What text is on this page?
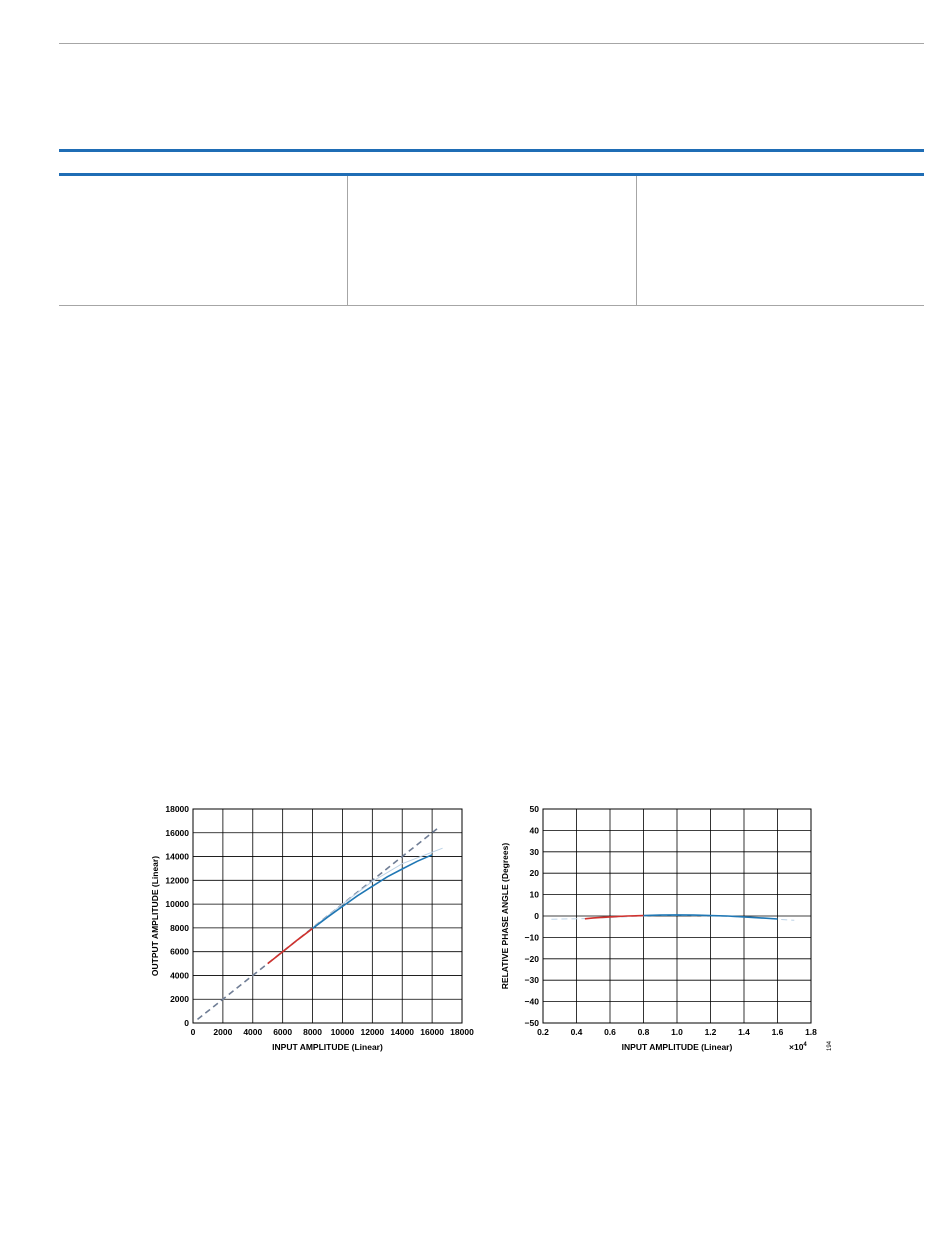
0 2000 4000 6000 8000 10000 12000 14000 16000 18000
0
2000
4000
6000
8000
10000
12000
14000
16000
18000
INPUT AMPLITUDE (Linear)
OUTPUT AMPLITUDE (Linear)
0.2	0.4	0.6	0.8	1.0	1.2	1.4	1.6	1.8
50
40
30
20
10
0
−10
−20
−30
−40
−50
INPUT AMPLITUDE (Linear)
RELATIVE PHASE ANGLE (Degrees)
$\times 10^4$	194
